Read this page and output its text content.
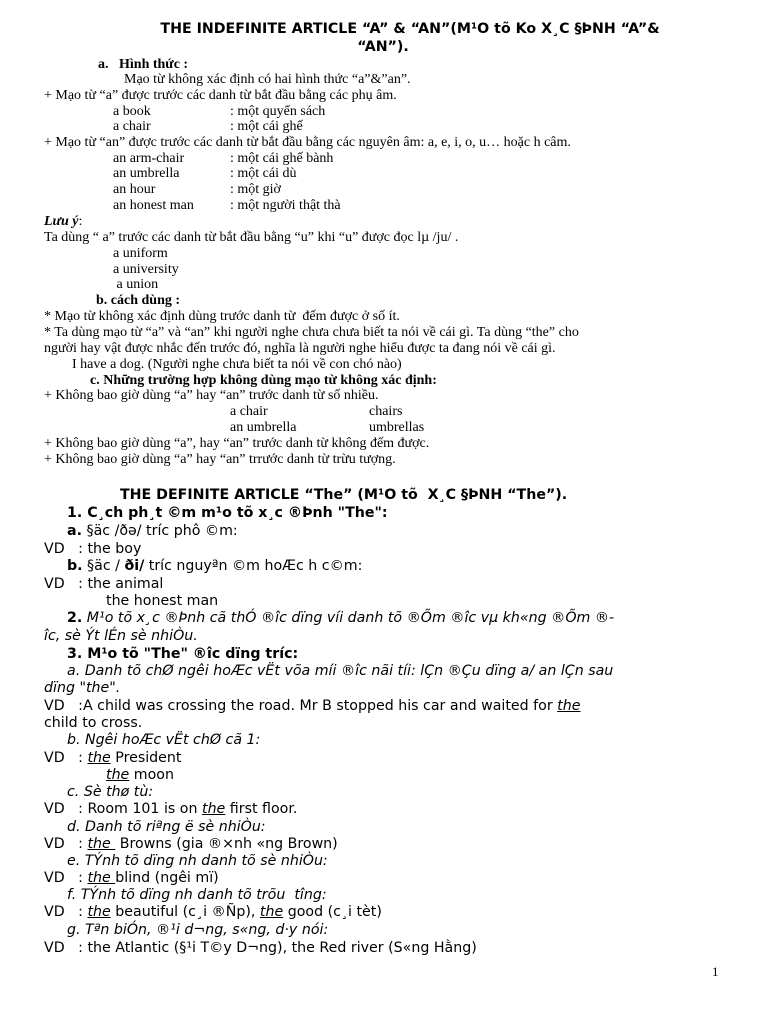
THE INDEFINITE ARTICLE “A” & “AN”(M¹O tõ Ko X¸C §ÞNH “A”&
“AN”).
a.   Hình thức :
Mạo từ không xác định có hai hình thức “a”&”an”.
+ Mạo từ “a” được trước các danh từ bắt đầu bằng các phụ âm.
a book	: một quyển sách
a chair	: một cái ghế
+ Mạo từ “an” được trước các danh từ bắt đầu bằng các nguyên âm: a, e, i, o, u… hoặc h câm.
an arm-chair	: một cái ghế bành
an umbrella	: một cái dù
an hour	: một giờ
an honest man	: một người thật thà
Lưu ý:
Ta dùng “ a” trước các danh từ bắt đầu bằng “u” khi “u” được đọc lµ /ju/ .
a uniform
a university
a union
b. cách dùng :
* Mạo từ không xác định dùng trước danh từ  đếm được ở số ít.
* Ta dùng mạo từ “a” và “an” khi người nghe chưa chưa biết ta nói về cái gì. Ta dùng “the” cho
người hay vật được nhắc đến trước đó, nghĩa là người nghe hiểu được ta đang nói về cái gì.
I have a dog. (Người nghe chưa biết ta nói về con chó nào)
c. Những trường hợp không dùng mạo từ không xác định:
+ Không bao giờ dùng “a” hay “an” trước danh từ số nhiều.
a chair	chairs
an umbrella	umbrellas
+ Không bao giờ dùng “a”, hay “an” trước danh từ không đếm được.
+ Không bao giờ dùng “a” hay “an” trrước danh từ trừu tượng.
THE DEFINITE ARTICLE “The” (M¹O tõ  X¸C §ÞNH “The”).
1. C¸ch ph¸t ©m m¹o tõ x¸c ®Þnh "The":
a. §äc /ðə/ tríc phô ©m:
VD   : the boy
b. §äc / ði/ tríc nguyªn ©m hoÆc h c©m:
VD   : the animal
the honest man
2. M¹o tõ x¸c ®Þnh cã thÓ ®îc dïng víi danh tõ ®Õm ®îc vµ kh«ng ®Õm ®-
îc, sè Ýt lÉn sè nhiÒu.
3. M¹o tõ "The" ®îc dïng tríc:
a. Danh tõ chØ ngêi hoÆc vËt võa míi ®îc nãi tíi: lÇn ®Çu dïng a/ an lÇn sau
dïng "the".
VD   :A child was crossing the road. Mr B stopped his car and waited for the
child to cross.
b. Ngêi hoÆc vËt chØ cã 1:
VD   : the President
the moon
c. Sè thø tù:
VD   : Room 101 is on the first floor.
d. Danh tõ riªng ë sè nhiÒu:
VD   : the  Browns (gia ®×nh «ng Brown)
e. TÝnh tõ dïng nh danh tõ sè nhiÒu:
VD   : the blind (ngêi mï)
f. TÝnh tõ dïng nh danh tõ trõu  tîng:
VD   : the beautiful (c¸i ®Ñp), the good (c¸i tèt)
g. Tªn biÓn, ®¹i d¬ng, s«ng, d·y nói:
VD   : the Atlantic (§¹i T©y D¬ng), the Red river (S«ng Hằng)
1
